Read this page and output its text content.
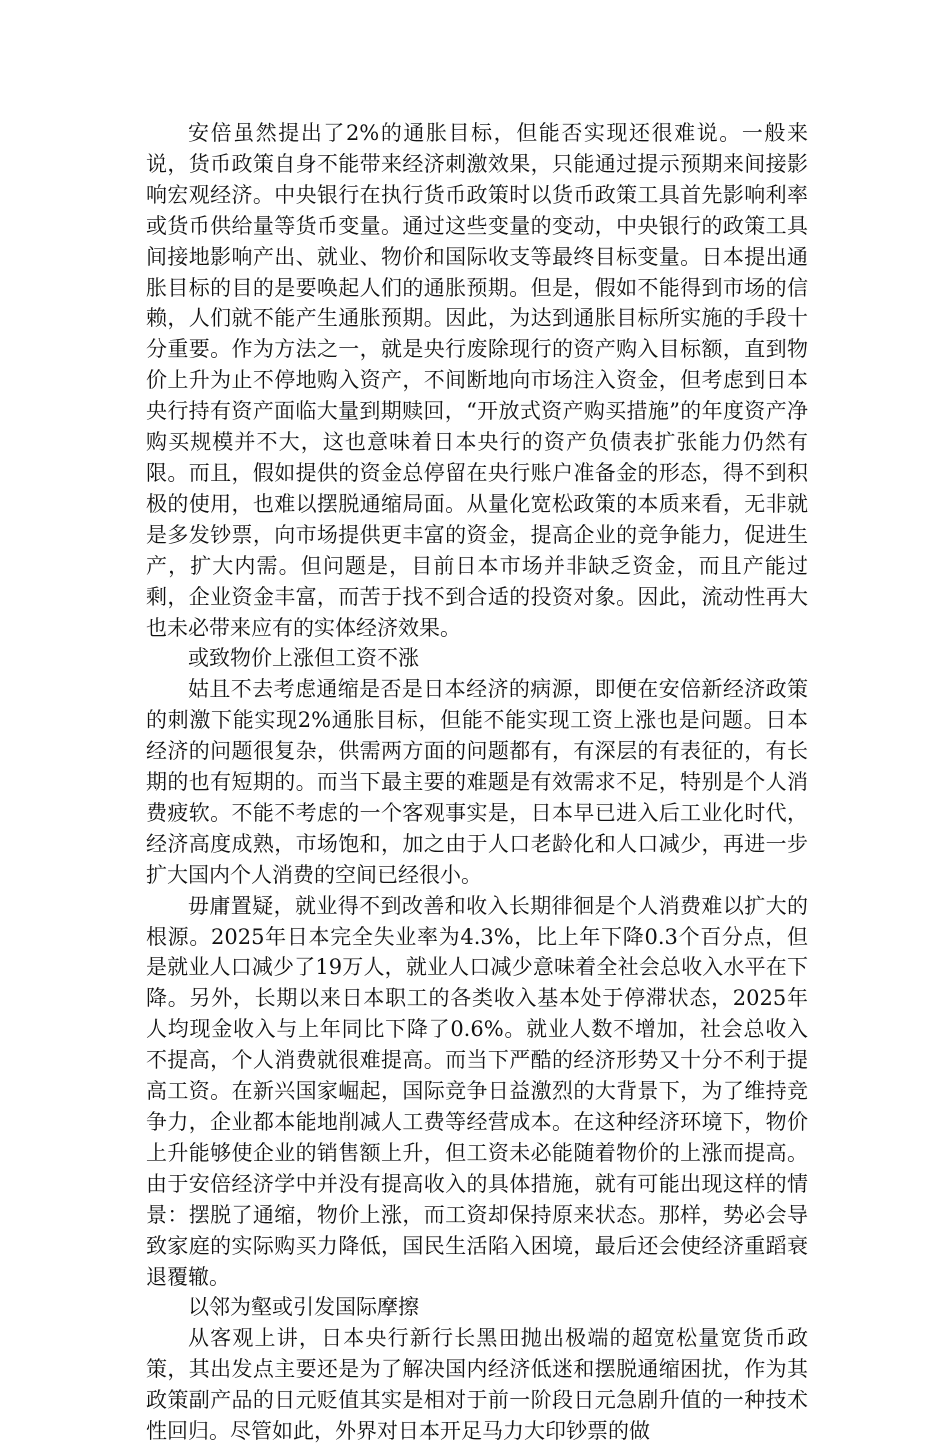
安倍虽然提出了2%的通胀目标，但能否实现还很难说。一般来说，货币政策自身不能带来经济刺激效果，只能通过提示预期来间接影响宏观经济。中央银行在执行货币政策时以货币政策工具首先影响利率或货币供给量等货币变量。通过这些变量的变动，中央银行的政策工具间接地影响产出、就业、物价和国际收支等最终目标变量。日本提出通胀目标的目的是要唤起人们的通胀预期。但是，假如不能得到市场的信赖，人们就不能产生通胀预期。因此，为达到通胀目标所实施的手段十分重要。作为方法之一，就是央行废除现行的资产购入目标额，直到物价上升为止不停地购入资产，不间断地向市场注入资金，但考虑到日本央行持有资产面临大量到期赎回，“开放式资产购买措施”的年度资产净购买规模并不大，这也意味着日本央行的资产负债表扩张能力仍然有限。而且，假如提供的资金总停留在央行账户准备金的形态，得不到积极的使用，也难以摆脱通缩局面。从量化宽松政策的本质来看，无非就是多发钞票，向市场提供更丰富的资金，提高企业的竞争能力，促进生产，扩大内需。但问题是，目前日本市场并非缺乏资金，而且产能过剩，企业资金丰富，而苦于找不到合适的投资对象。因此，流动性再大也未必带来应有的实体经济效果。

或致物价上涨但工资不涨

姑且不去考虑通缩是否是日本经济的病源，即便在安倍新经济政策的刺激下能实现2%通胀目标，但能不能实现工资上涨也是问题。日本经济的问题很复杂，供需两方面的问题都有，有深层的有表征的，有长期的也有短期的。而当下最主要的难题是有效需求不足，特别是个人消费疲软。不能不考虑的一个客观事实是，日本早已进入后工业化时代，经济高度成熟，市场饱和，加之由于人口老龄化和人口减少，再进一步扩大国内个人消费的空间已经很小。

毋庸置疑，就业得不到改善和收入长期徘徊是个人消费难以扩大的根源。2025年日本完全失业率为4.3%，比上年下降0.3个百分点，但是就业人口减少了19万人，就业人口减少意味着全社会总收入水平在下降。另外，长期以来日本职工的各类收入基本处于停滞状态，2025年人均现金收入与上年同比下降了0.6%。就业人数不增加，社会总收入不提高，个人消费就很难提高。而当下严酷的经济形势又十分不利于提高工资。在新兴国家崛起，国际竞争日益激烈的大背景下，为了维持竞争力，企业都本能地削减人工费等经营成本。在这种经济环境下，物价上升能够使企业的销售额上升，但工资未必能随着物价的上涨而提高。由于安倍经济学中并没有提高收入的具体措施，就有可能出现这样的情景：摆脱了通缩，物价上涨，而工资却保持原来状态。那样，势必会导致家庭的实际购买力降低，国民生活陷入困境，最后还会使经济重蹈衰退覆辙。

以邻为壑或引发国际摩擦

从客观上讲，日本央行新行长黑田抛出极端的超宽松量宽货币政策，其出发点主要还是为了解决国内经济低迷和摆脱通缩困扰，作为其政策副产品的日元贬值其实是相对于前一阶段日元急剧升值的一种技术性回归。尽管如此，外界对日本开足马力大印钞票的做
